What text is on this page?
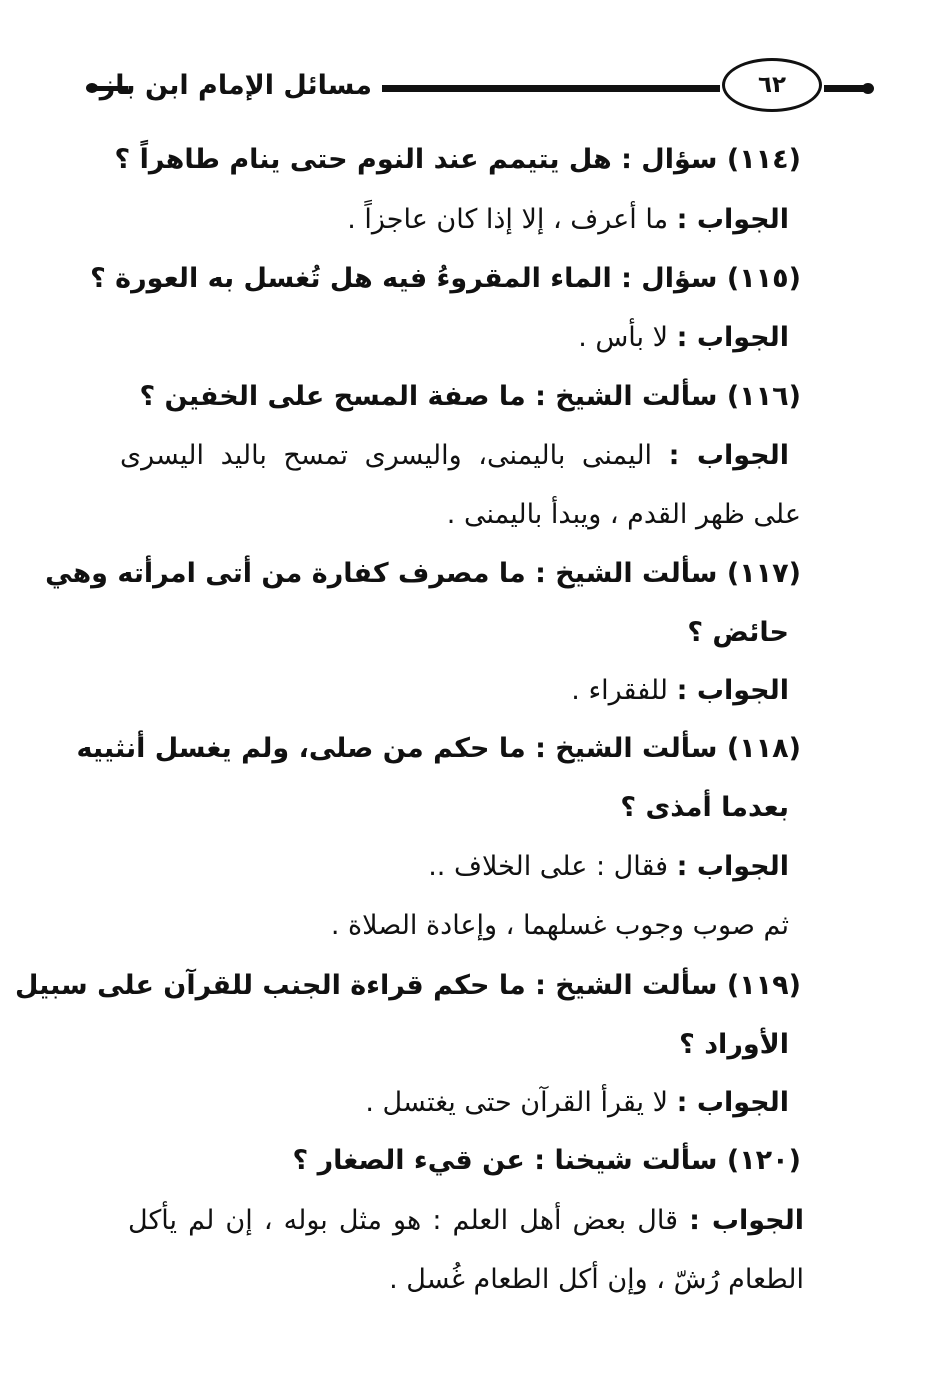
مسائل الإمام ابن باز	٦٢
(١١٤) سؤال : هل يتيمم عند النوم حتى ينام طاهراً ؟
الجواب : ما أعرف ، إلا إذا كان عاجزاً .
(١١٥) سؤال : الماء المقروءُ فيه هل تُغسل به العورة ؟
الجواب : لا بأس .
(١١٦) سألت الشيخ : ما صفة المسح على الخفين ؟
الجواب : اليمنى باليمنى، واليسرى تمسح باليد اليسرى
على ظهر القدم ، ويبدأ باليمنى .
(١١٧) سألت الشيخ : ما مصرف كفارة من أتى امرأته وهي
حائض ؟
الجواب : للفقراء .
(١١٨) سألت الشيخ : ما حكم من صلى، ولم يغسل أنثييه
بعدما أمذى ؟
الجواب : فقال : على الخلاف ..
ثم صوب وجوب غسلهما ، وإعادة الصلاة .
(١١٩) سألت الشيخ : ما حكم قراءة الجنب للقرآن على سبيل
الأوراد ؟
الجواب : لا يقرأ القرآن حتى يغتسل .
(١٢٠) سألت شيخنا : عن قيء الصغار ؟
الجواب : قال بعض أهل العلم : هو مثل بوله ، إن لم يأكل
الطعام رُشّ ، وإن أكل الطعام غُسل .
